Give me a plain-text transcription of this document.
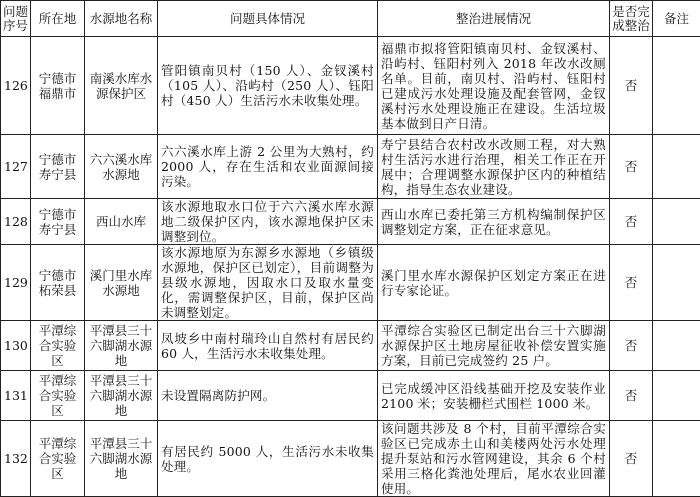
问题序号	所在地	水源地名称	问题具体情况	整治进展情况	是否完成整治	备注
126	宁德市福鼎市	南溪水库水源保护区	管阳镇南贝村（150 人）、金钗溪村（105 人）、沿屿村（250 人）、钰阳村（450 人）生活污水未收集处理。	福鼎市拟将管阳镇南贝村、金钗溪村、沿屿村、钰阳村列入 2018 年改水改厕名单。目前，南贝村、沿屿村、钰阳村已建成污水处理设施及配套管网，金钗溪村污水处理设施正在建设。生活垃圾基本做到日产日清。	否	
127	宁德市寿宁县	六六溪水库水源地	六六溪水库上游 2 公里为大熟村，约 2000 人，存在生活和农业面源间接污染。	寿宁县结合农村改水改厕工程，对大熟村生活污水进行治理，相关工作正在开展中；合理调整水源保护区内的种植结构，指导生态农业建设。	否	
128	宁德市寿宁县	西山水库	该水源地取水口位于六六溪水库水源地二级保护区内，该水源地保护区未调整到位。	西山水库已委托第三方机构编制保护区调整划定方案，正在征求意见。	否	
129	宁德市柘荣县	溪门里水库水源地	该水源地原为东源乡水源地（乡镇级水源地，保护区已划定），目前调整为县级水源地，因取水口及取水量变化，需调整保护区，目前，保护区尚未调整划定。	溪门里水库水源保护区划定方案正在进行专家论证。	否	
130	平潭综合实验区	平潭县三十六脚湖水源地	凤坡乡中南村瑞玲山自然村有居民约 60 人，生活污水未收集处理。	平潭综合实验区已制定出台三十六脚湖水源保护区土地房屋征收补偿安置实施方案，目前已完成签约 25 户。	否	
131	平潭综合实验区	平潭县三十六脚湖水源地	未设置隔离防护网。	已完成缓冲区沿线基础开挖及安装作业 2100 米；安装栅栏式围栏 1000 米。	否	
132	平潭综合实验区	平潭县三十六脚湖水源地	有居民约 5000 人，生活污水未收集处理。	该问题共涉及 8 个村，目前平潭综合实验区已完成赤土山和美楼两处污水处理提升泵站和污水管网建设，其余 6 个村采用三格化粪池处理后，尾水农业回灌使用。	否	
